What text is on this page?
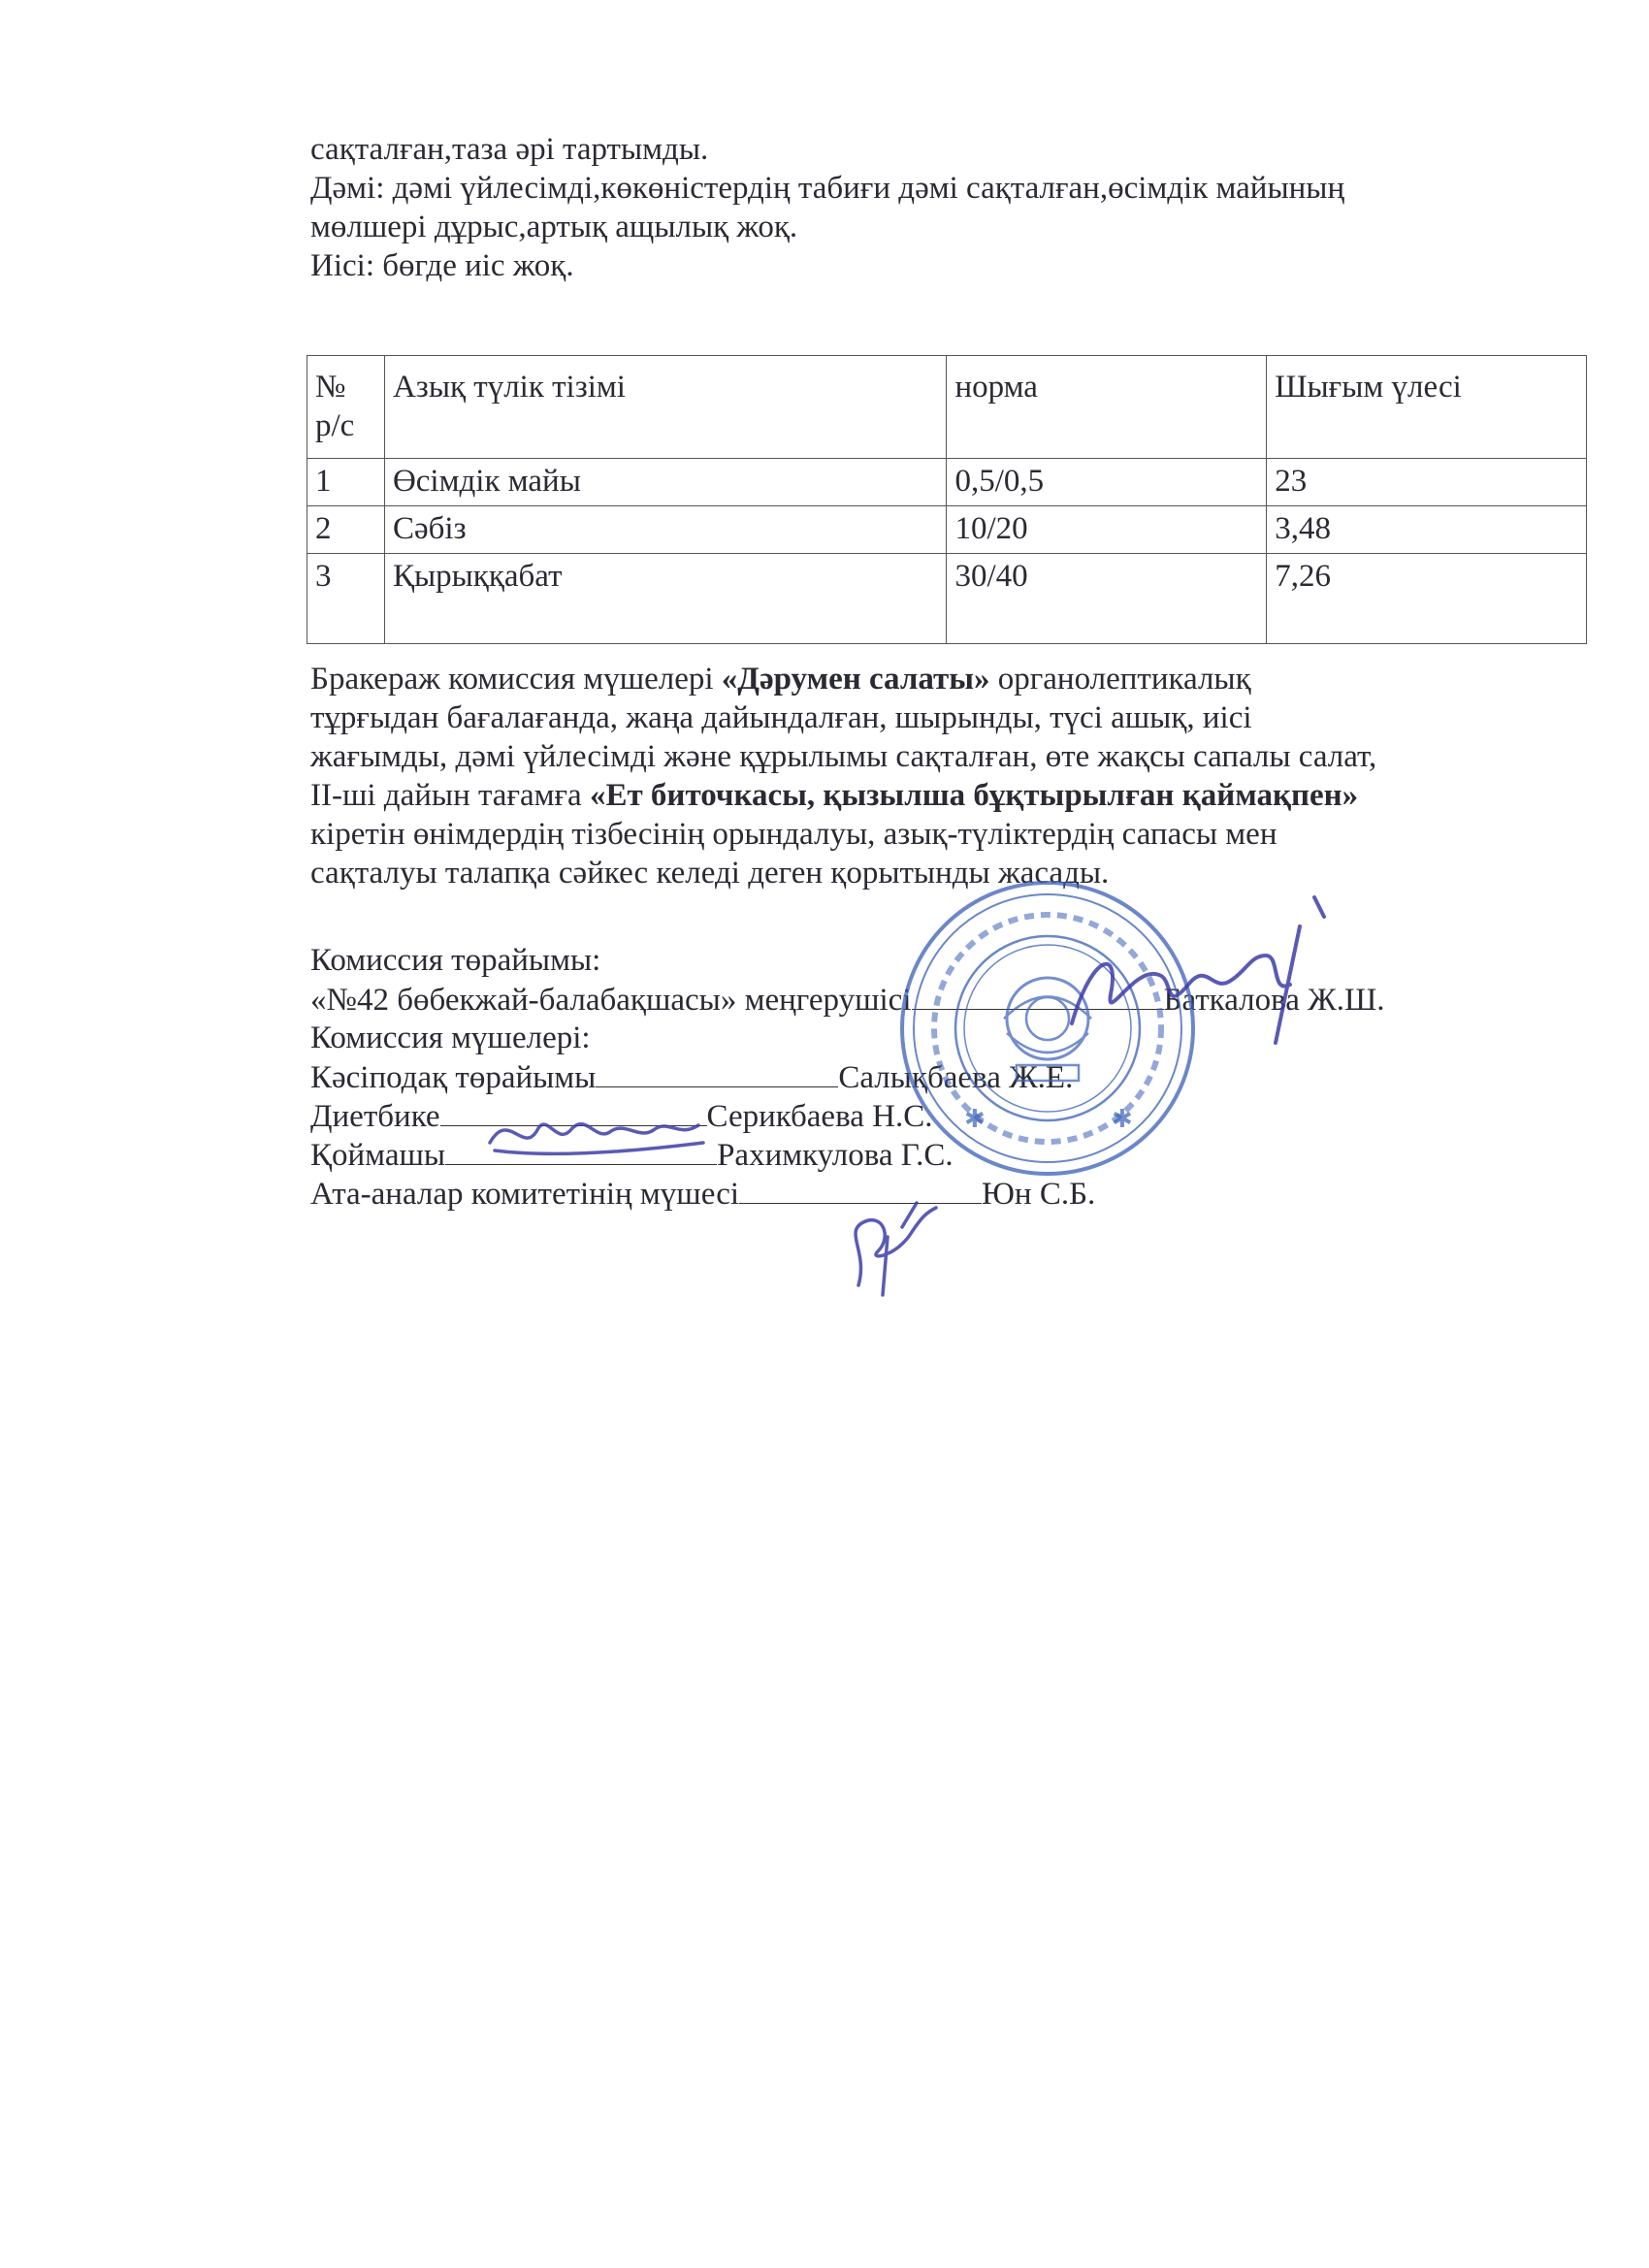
сақталған,таза әрі тартымды.

Дәмі: дәмі үйлесімді,көкөністердің табиғи дәмі сақталған,өсімдік майының

мөлшері дұрыс,артық ащылық жоқ.

Иісі: бөгде иіс жоқ.

№ р/с	Азық түлік тізімі	норма	Шығым үлесі
1	Өсімдік майы	0,5/0,5	23
2	Сәбіз	10/20	3,48
3	Қырыққабат	30/40	7,26

Бракераж комиссия мүшелері «Дәрумен салаты» органолептикалық

тұрғыдан бағалағанда, жаңа дайындалған, шырынды, түсі ашық, иісі

жағымды, дәмі үйлесімді және құрылымы сақталған, өте жақсы сапалы салат,

ІІ-ші дайын тағамға «Ет биточкасы, қызылша бұқтырылған қаймақпен»

кіретін өнімдердің тізбесінің орындалуы, азық-түліктердің сапасы мен

сақталуы талапқа сәйкес келеді деген қорытынды жасады.

Комиссия төрайымы:
«№42 бөбекжай-балабақшасы» меңгерушісі	Баткалова Ж.Ш.
Комиссия мүшелері:
Кәсіподақ төрайымы	Салықбаева Ж.Е.
Диетбике	Серикбаева Н.С.
Қоймашы	Рахимкулова Г.С.
Ата-аналар комитетінің мүшесі	Юн С.Б.
✱	✱
